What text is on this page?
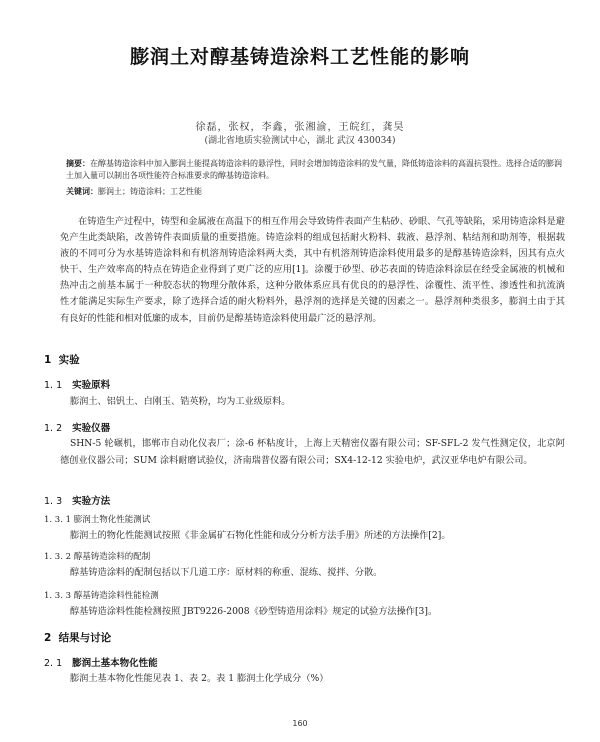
膨润土对醇基铸造涂料工艺性能的影响
徐磊，张权，李鑫，张湘渝，王皖红，龚昊
(湖北省地质实验测试中心，湖北 武汉 430034)
摘要：在醇基铸造涂料中加入膨润土能提高铸造涂料的悬浮性，同时会增加铸造涂料的发气量，降低铸造涂料的高温抗裂性。选择合适的膨润土加入量可以制出各项性能符合标准要求的醇基铸造涂料。
关键词：膨润土；铸造涂料；工艺性能

在铸造生产过程中，铸型和金属液在高温下的相互作用会导致铸件表面产生粘砂、砂眼、气孔等缺陷，采用铸造涂料是避免产生此类缺陷，改善铸件表面质量的重要措施。铸造涂料的组成包括耐火粉料、载液、悬浮剂、粘结剂和助剂等，根据载液的不同可分为水基铸造涂料和有机溶剂铸造涂料两大类，其中有机溶剂铸造涂料使用最多的是醇基铸造涂料，因其有点火快干、生产效率高的特点在铸造企业得到了更广泛的应用[1]。涂覆于砂型、砂芯表面的铸造涂料涂层在经受金属液的机械和热冲击之前基本属于一种胶态状的物理分散体系，这种分散体系应具有优良的的悬浮性、涂覆性、流平性、渗透性和抗流淌性才能满足实际生产要求，除了选择合适的耐火粉料外，悬浮剂的选择是关键的因素之一。悬浮剂种类很多，膨润土由于其有良好的性能和相对低廉的成本，目前仍是醇基铸造涂料使用最广泛的悬浮剂。

1 实验
1. 1 实验原料

膨润土、铝钒土、白刚玉、锆英粉，均为工业级原料。

1. 2 实验仪器

SHN-5 轮碾机，邯郸市自动化仪表厂；涂-6 杯粘度计，上海上天精密仪器有限公司；SF-SFL-2 发气性测定仪，北京阿德创业仪器公司；SUM 涂料耐磨试验仪，济南瑞普仪器有限公司；SX4-12-12 实验电炉，武汉亚华电炉有限公司。

1. 3 实验方法
1. 3. 1 膨润土物化性能测试

膨润土的物化性能测试按照《非金属矿石物化性能和成分分析方法手册》所述的方法操作[2]。

1. 3. 2 醇基铸造涂料的配制

醇基铸造涂料的配制包括以下几道工序：原材料的称重、混练、搅拌、分散。

1. 3. 3 醇基铸造涂料性能检测

醇基铸造涂料性能检测按照 JBT9226-2008《砂型铸造用涂料》规定的试验方法操作[3]。

2 结果与讨论
2. 1 膨润土基本物化性能

膨润土基本物化性能见表 1、表 2。表 1 膨润土化学成分（%）

160
